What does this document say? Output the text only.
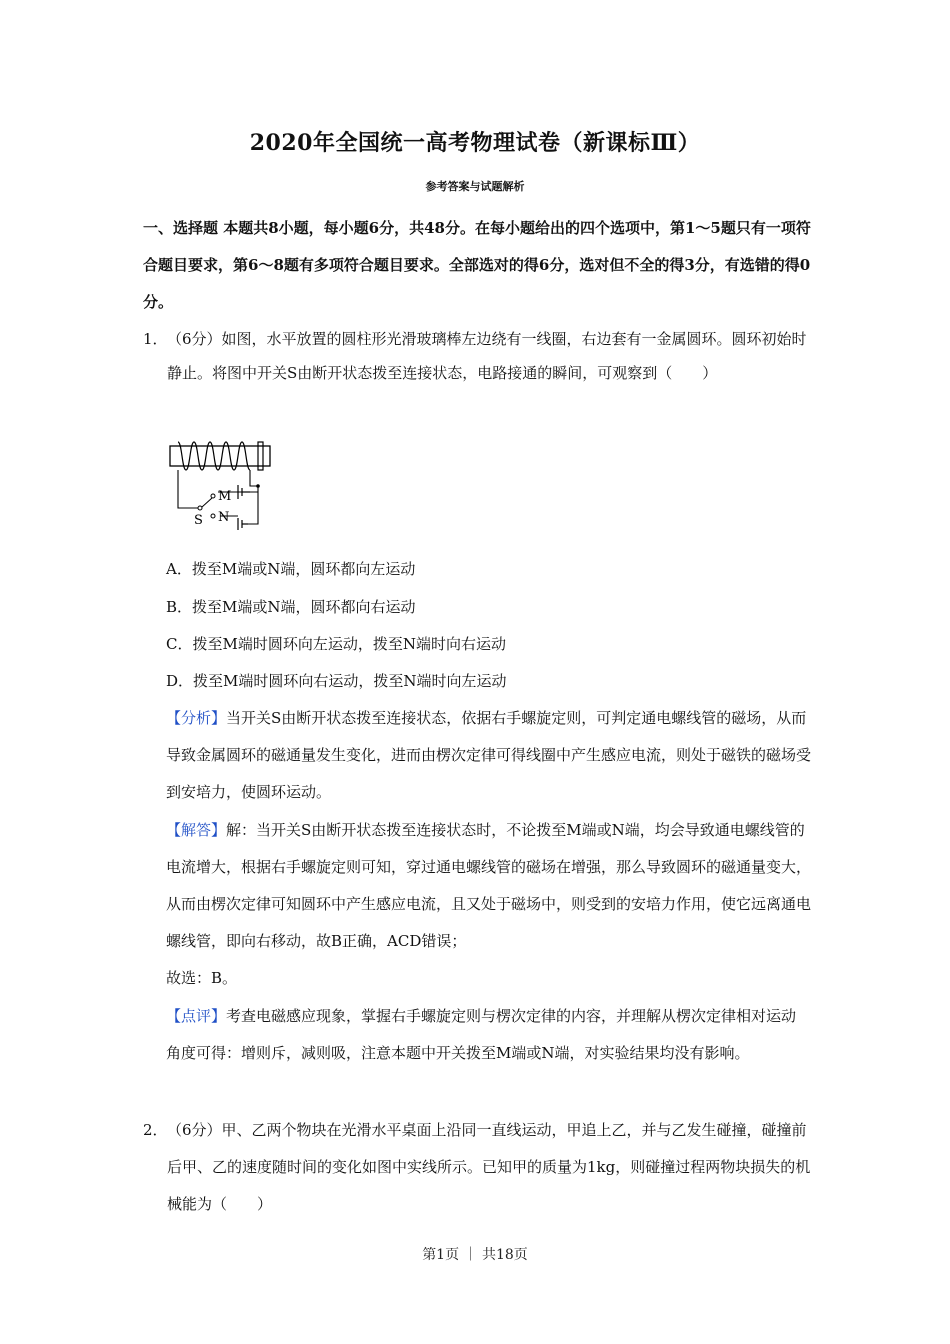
2020年全国统一高考物理试卷（新课标Ⅲ）
参考答案与试题解析
一、选择题 本题共8小题，每小题6分，共48分。在每小题给出的四个选项中，第1～5题只有一项符合题目要求，第6～8题有多项符合题目要求。全部选对的得6分，选对但不全的得3分，有选错的得0分。
1． （6分）如图，水平放置的圆柱形光滑玻璃棒左边绕有一线圈，右边套有一金属圆环。圆环初始时静止。将图中开关S由断开状态拨至连接状态，电路接通的瞬间，可观察到（　　）
M
N
S
A．拨至M端或N端，圆环都向左运动
B．拨至M端或N端，圆环都向右运动
C．拨至M端时圆环向左运动，拨至N端时向右运动
D．拨至M端时圆环向右运动，拨至N端时向左运动
【分析】当开关S由断开状态拨至连接状态，依据右手螺旋定则，可判定通电螺线管的磁场，从而导致金属圆环的磁通量发生变化，进而由楞次定律可得线圈中产生感应电流，则处于磁铁的磁场受到安培力，使圆环运动。
【解答】解：当开关S由断开状态拨至连接状态时，不论拨至M端或N端，均会导致通电螺线管的电流增大，根据右手螺旋定则可知，穿过通电螺线管的磁场在增强，那么导致圆环的磁通量变大，从而由楞次定律可知圆环中产生感应电流，且又处于磁场中，则受到的安培力作用，使它远离通电螺线管，即向右移动，故B正确，ACD错误；
故选：B。
【点评】考查电磁感应现象，掌握右手螺旋定则与楞次定律的内容，并理解从楞次定律相对运动角度可得：增则斥，减则吸，注意本题中开关拨至M端或N端，对实验结果均没有影响。
2． （6分）甲、乙两个物块在光滑水平桌面上沿同一直线运动，甲追上乙，并与乙发生碰撞，碰撞前后甲、乙的速度随时间的变化如图中实线所示。已知甲的质量为1kg，则碰撞过程两物块损失的机械能为（　　）
第1页 ｜ 共18页
